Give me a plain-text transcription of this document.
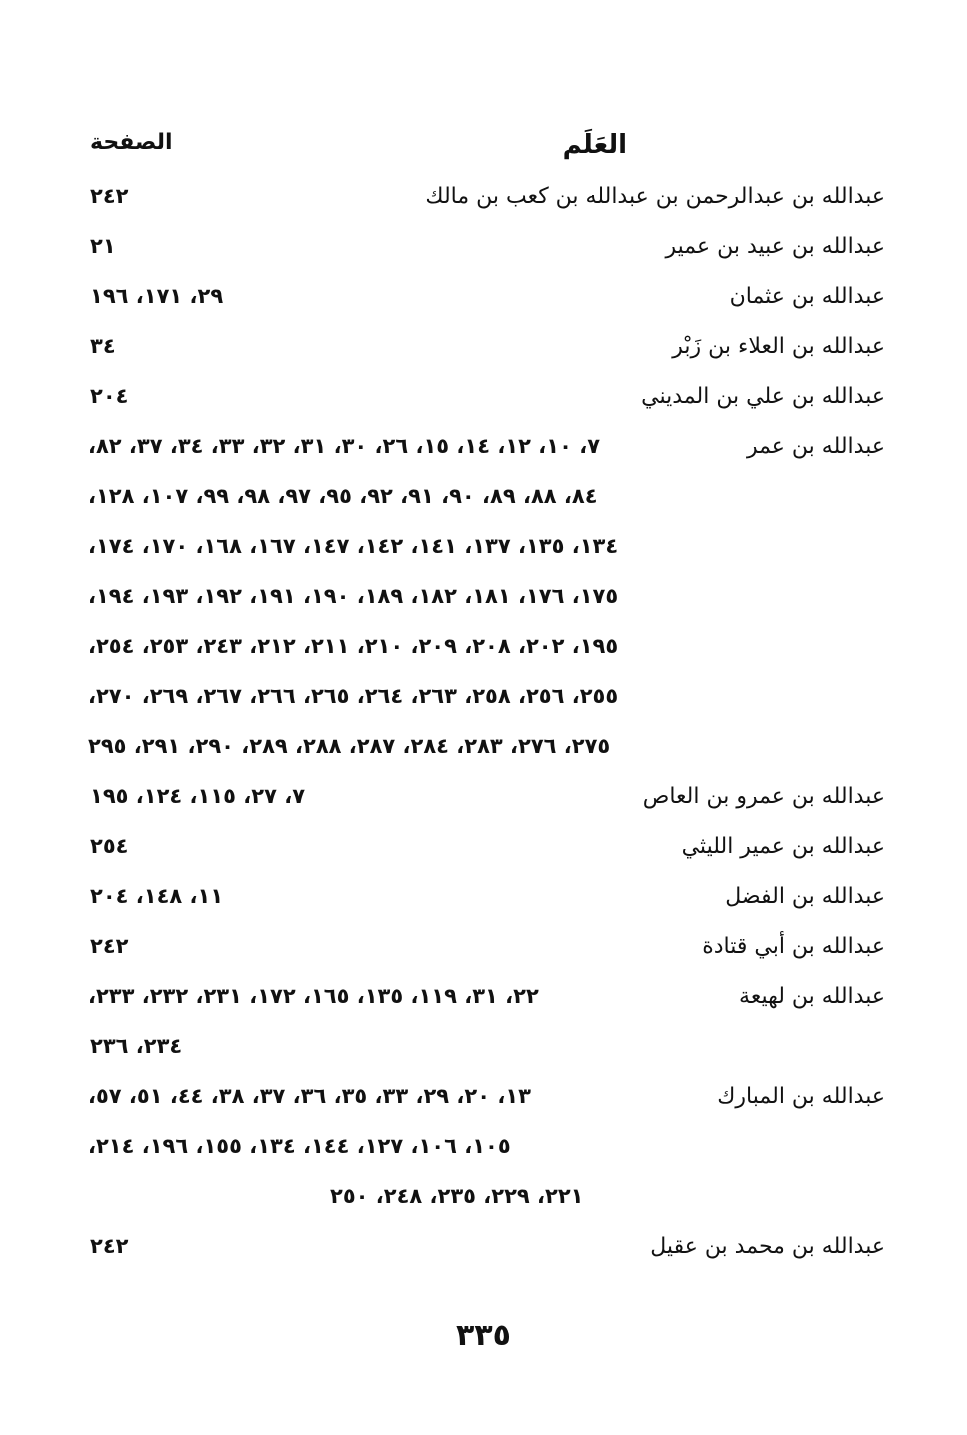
العَلَم
الصفحة
عبدالله بن عبدالرحمن بن عبدالله بن كعب بن مالك
٢٤٢
عبدالله بن عبيد بن عمير
٢١
عبدالله بن عثمان
٢٩، ١٧١، ١٩٦
عبدالله بن العلاء بن زَبْر
٣٤
عبدالله بن علي بن المديني
٢٠٤
عبدالله بن عمر
٧، ١٠، ١٢، ١٤، ١٥، ٢٦، ٣٠، ٣١، ٣٢، ٣٣، ٣٤، ٣٧، ٨٢،
٨٤، ٨٨، ٨٩، ٩٠، ٩١، ٩٢، ٩٥، ٩٧، ٩٨، ٩٩، ١٠٧، ١٢٨،
١٣٤، ١٣٥، ١٣٧، ١٤١، ١٤٢، ١٤٧، ١٦٧، ١٦٨، ١٧٠، ١٧٤،
١٧٥، ١٧٦، ١٨١، ١٨٢، ١٨٩، ١٩٠، ١٩١، ١٩٢، ١٩٣، ١٩٤،
١٩٥، ٢٠٢، ٢٠٨، ٢٠٩، ٢١٠، ٢١١، ٢١٢، ٢٤٣، ٢٥٣، ٢٥٤،
٢٥٥، ٢٥٦، ٢٥٨، ٢٦٣، ٢٦٤، ٢٦٥، ٢٦٦، ٢٦٧، ٢٦٩، ٢٧٠،
٢٧٥، ٢٧٦، ٢٨٣، ٢٨٤، ٢٨٧، ٢٨٨، ٢٨٩، ٢٩٠، ٢٩١، ٢٩٥
عبدالله بن عمرو بن العاص
٧، ٢٧، ١١٥، ١٢٤، ١٩٥
عبدالله بن عمير الليثي
٢٥٤
عبدالله بن الفضل
١١، ١٤٨، ٢٠٤
عبدالله بن أبي قتادة
٢٤٢
عبدالله بن لهيعة
٢٢، ٣١، ١١٩، ١٣٥، ١٦٥، ١٧٢، ٢٣١، ٢٣٢، ٢٣٣،
٢٣٤، ٢٣٦
عبدالله بن المبارك
١٣، ٢٠، ٢٩، ٣٣، ٣٥، ٣٦، ٣٧، ٣٨، ٤٤، ٥١، ٥٧،
١٠٥، ١٠٦، ١٢٧، ١٤٤، ١٣٤، ١٥٥، ١٩٦، ٢١٤،
٢٢١، ٢٢٩، ٢٣٥، ٢٤٨، ٢٥٠
عبدالله بن محمد بن عقيل
٢٤٢
٣٣٥
